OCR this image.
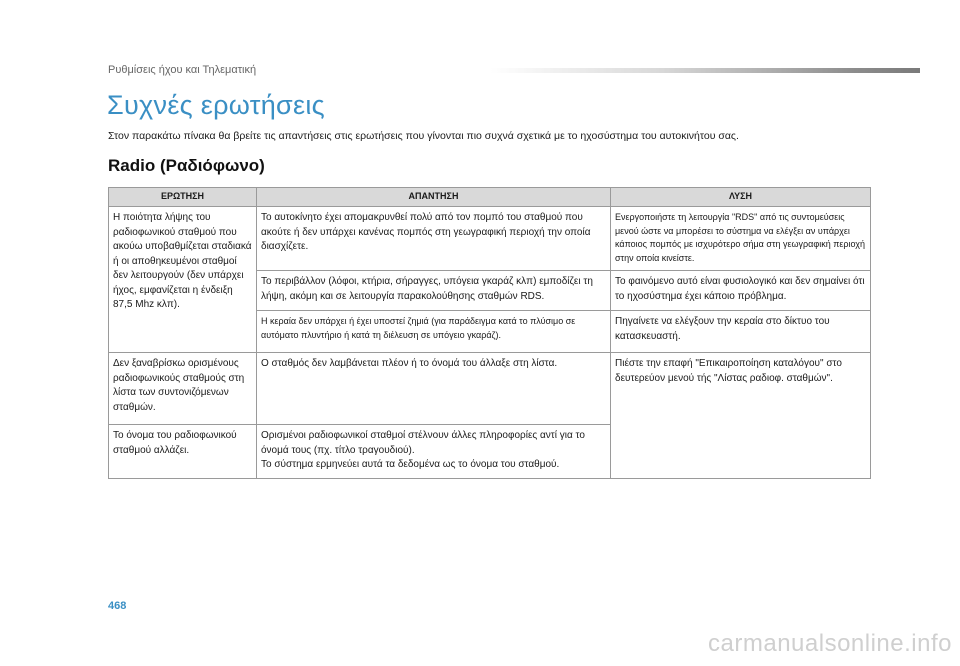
Ρυθμίσεις ήχου και Τηλεματική
Συχνές ερωτήσεις
Στον παρακάτω πίνακα θα βρείτε τις απαντήσεις στις ερωτήσεις που γίνονται πιο συχνά σχετικά με το ηχοσύστημα του αυτοκινήτου σας.
Radio (Ραδιόφωνο)
ΕΡΩΤΗΣΗ	ΑΠΑΝΤΗΣΗ	ΛΥΣΗ
Η ποιότητα λήψης του ραδιοφωνικού σταθμού που ακούω υποβαθμίζεται σταδιακά ή οι αποθηκευμένοι σταθμοί δεν λειτουργούν (δεν υπάρχει ήχος, εμφανίζεται η ένδειξη 87,5 Mhz κλπ).	Το αυτοκίνητο έχει απομακρυνθεί πολύ από τον πομπό του σταθμού που ακούτε ή δεν υπάρχει κανένας πομπός στη γεωγραφική περιοχή την οποία διασχίζετε.	Ενεργοποιήστε τη λειτουργία "RDS" από τις συντομεύσεις μενού ώστε να μπορέσει το σύστημα να ελέγξει αν υπάρχει κάποιος πομπός με ισχυρότερο σήμα στη γεωγραφική περιοχή στην οποία κινείστε.
	Το περιβάλλον (λόφοι, κτήρια, σήραγγες, υπόγεια γκαράζ κλπ) εμποδίζει τη λήψη, ακόμη και σε λειτουργία παρακολούθησης σταθμών RDS.	Το φαινόμενο αυτό είναι φυσιολογικό και δεν σημαίνει ότι το ηχοσύστημα έχει κάποιο πρόβλημα.
	Η κεραία δεν υπάρχει ή έχει υποστεί ζημιά (για παράδειγμα κατά το πλύσιμο σε αυτόματο πλυντήριο ή κατά τη διέλευση σε υπόγειο γκαράζ).	Πηγαίνετε να ελέγξουν την κεραία στο δίκτυο του κατασκευαστή.
Δεν ξαναβρίσκω ορισμένους ραδιοφωνικούς σταθμούς στη λίστα των συντονιζόμενων σταθμών.	Ο σταθμός δεν λαμβάνεται πλέον ή το όνομά του άλλαξε στη λίστα.	Πιέστε την επαφή "Επικαιροποίηση καταλόγου" στο δευτερεύον μενού τής "Λίστας ραδιοφ. σταθμών".
Το όνομα του ραδιοφωνικού σταθμού αλλάζει.	Ορισμένοι ραδιοφωνικοί σταθμοί στέλνουν άλλες πληροφορίες αντί για το όνομά τους (πχ. τίτλο τραγουδιού).
Το σύστημα ερμηνεύει αυτά τα δεδομένα ως το όνομα του σταθμού.	
468
carmanualsonline.info
